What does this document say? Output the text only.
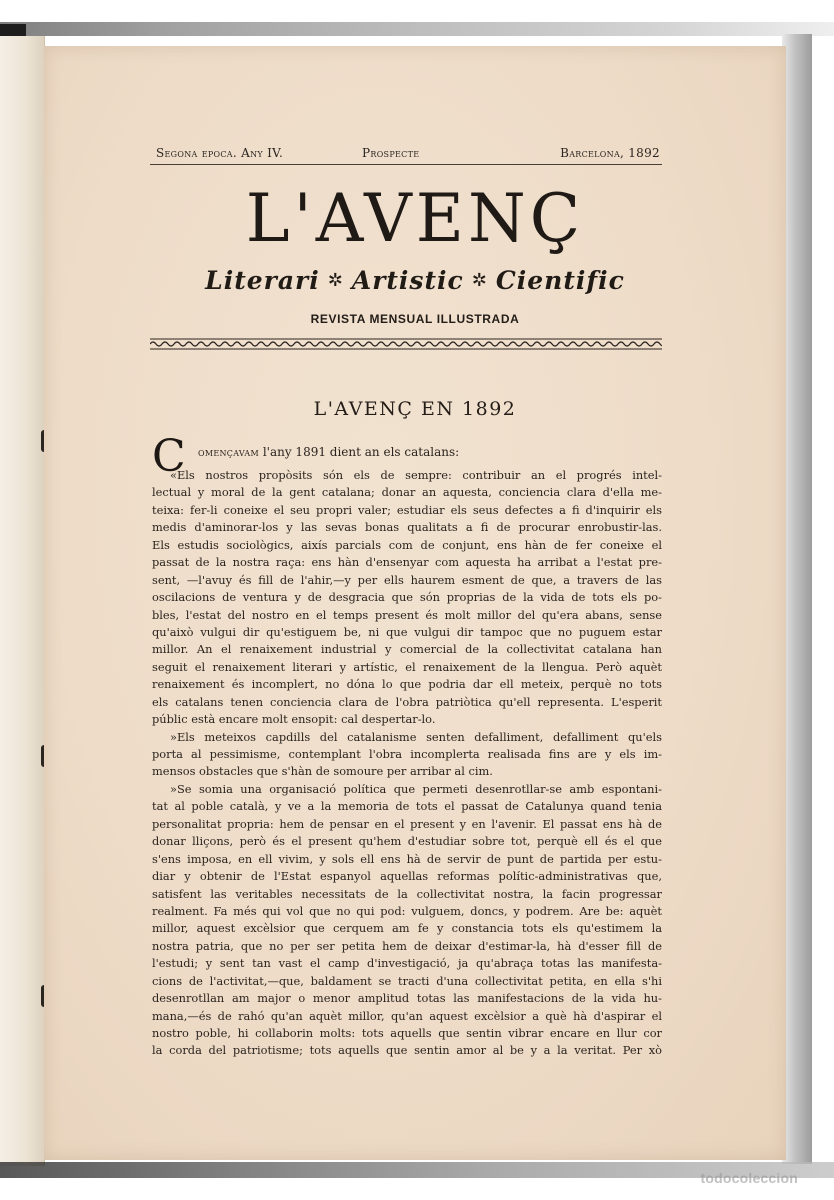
Segona epoca. Any IV.	Prospecte	Barcelona, 1892
L'AVENÇ
Literari ✲ Artistic ✲ Cientific
REVISTA MENSUAL ILLUSTRADA
L'AVENÇ EN 1892
C omençavam l'any 1891 dient an els catalans:
«Els nostros propòsits són els de sempre: contribuir an el progrés intel-
lectual y moral de la gent catalana; donar an aquesta, conciencia clara d'ella me-
teixa: fer-li coneixe el seu propri valer; estudiar els seus defectes a fi d'inquirir els
medis d'aminorar-los y las sevas bonas qualitats a fi de procurar enrobustir-las.
Els estudis sociològics, aixís parcials com de conjunt, ens hàn de fer coneixe el
passat de la nostra raça: ens hàn d'ensenyar com aquesta ha arribat a l'estat pre-
sent, —l'avuy és fill de l'ahir,—y per ells haurem esment de que, a travers de las
oscilacions de ventura y de desgracia que són proprias de la vida de tots els po-
bles, l'estat del nostro en el temps present és molt millor del qu'era abans, sense
qu'això vulgui dir qu'estiguem be, ni que vulgui dir tampoc que no puguem estar
millor. An el renaixement industrial y comercial de la collectivitat catalana han
seguit el renaixement literari y artístic, el renaixement de la llengua. Però aquèt
renaixement és incomplert, no dóna lo que podria dar ell meteix, perquè no tots
els catalans tenen conciencia clara de l'obra patriòtica qu'ell representa. L'esperit
públic està encare molt ensopit: cal despertar-lo.
»Els meteixos capdills del catalanisme senten defalliment, defalliment qu'els
porta al pessimisme, contemplant l'obra incomplerta realisada fins are y els im-
mensos obstacles que s'hàn de somoure per arribar al cim.
»Se somia una organisació política que permeti desenrotllar-se amb espontani-
tat al poble català, y ve a la memoria de tots el passat de Catalunya quand tenia
personalitat propria: hem de pensar en el present y en l'avenir. El passat ens hà de
donar lliçons, però és el present qu'hem d'estudiar sobre tot, perquè ell és el que
s'ens imposa, en ell vivim, y sols ell ens hà de servir de punt de partida per estu-
diar y obtenir de l'Estat espanyol aquellas reformas polític-administrativas que,
satisfent las veritables necessitats de la collectivitat nostra, la facin progressar
realment. Fa més qui vol que no qui pod: vulguem, doncs, y podrem. Are be: aquèt
millor, aquest excèlsior que cerquem am fe y constancia tots els qu'estimem la
nostra patria, que no per ser petita hem de deixar d'estimar-la, hà d'esser fill de
l'estudi; y sent tan vast el camp d'investigació, ja qu'abraça totas las manifesta-
cions de l'activitat,—que, baldament se tracti d'una collectivitat petita, en ella s'hi
desenrotllan am major o menor amplitud totas las manifestacions de la vida hu-
mana,—és de rahó qu'an aquèt millor, qu'an aquest excèlsior a què hà d'aspirar el
nostro poble, hi collaborin molts: tots aquells que sentin vibrar encare en llur cor
la corda del patriotisme; tots aquells que sentin amor al be y a la veritat. Per xò
todocoleccion
